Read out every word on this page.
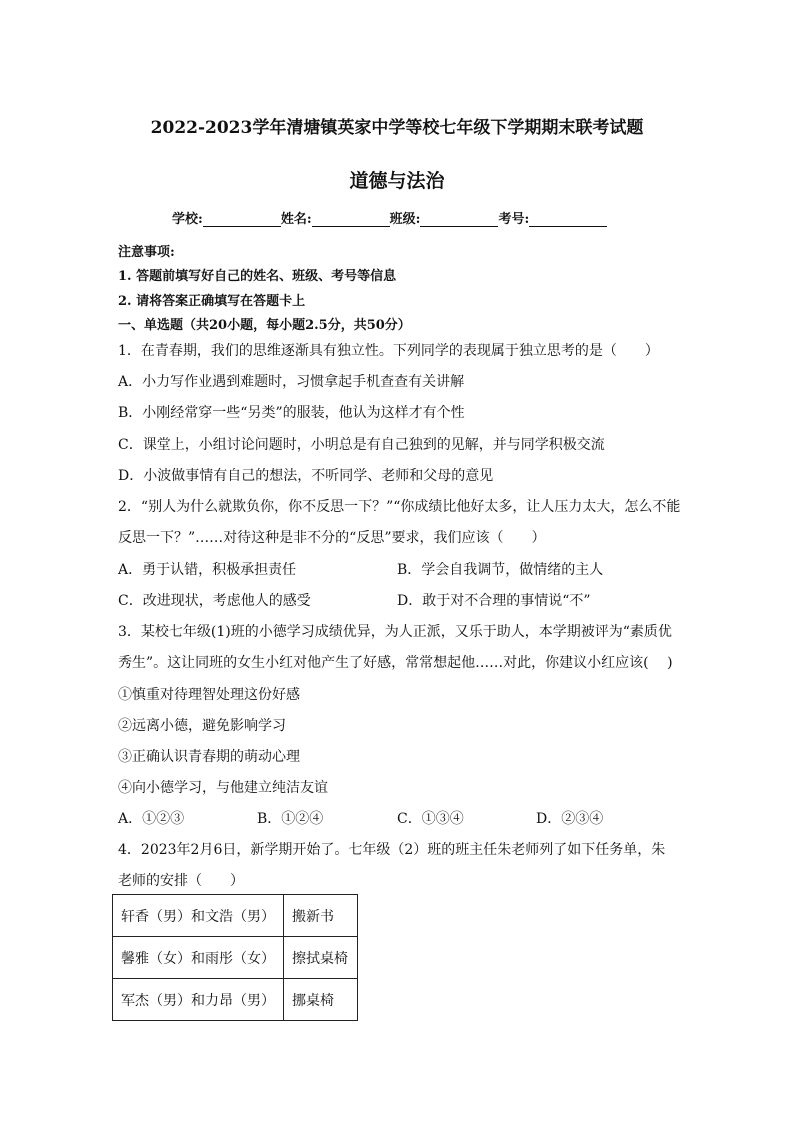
2022-2023学年清塘镇英家中学等校七年级下学期期末联考试题
道德与法治
学校:	姓名:	班级:	考号:
注意事项:
1. 答题前填写好自己的姓名、班级、考号等信息
2. 请将答案正确填写在答题卡上
一、单选题（共20小题，每小题2.5分，共50分）
1．在青春期，我们的思维逐渐具有独立性。下列同学的表现属于独立思考的是（　　）
A．小力写作业遇到难题时，习惯拿起手机查查有关讲解
B．小刚经常穿一些“另类”的服装，他认为这样才有个性
C．课堂上，小组讨论问题时，小明总是有自己独到的见解，并与同学积极交流
D．小波做事情有自己的想法，不听同学、老师和父母的意见
2．“别人为什么就欺负你，你不反思一下？”“你成绩比他好太多，让人压力太大，怎么不能
反思一下？”……对待这种是非不分的“反思”要求，我们应该（　　）
A．勇于认错，积极承担责任	B．学会自我调节，做情绪的主人
C．改进现状，考虑他人的感受	D．敢于对不合理的事情说“不”
3．某校七年级(1)班的小德学习成绩优异，为人正派，又乐于助人，本学期被评为“素质优
秀生”。这让同班的女生小红对他产生了好感，常常想起他……对此，你建议小红应该(　 )
①慎重对待理智处理这份好感
②远离小德，避免影响学习
③正确认识青春期的萌动心理
④向小德学习，与他建立纯洁友谊
A．①②③	B．①②④	C．①③④	D．②③④
4．2023年2月6日，新学期开始了。七年级（2）班的班主任朱老师列了如下任务单，朱
老师的安排（　　）
轩香（男）和文浩（男）	搬新书
馨雅（女）和雨彤（女）	擦拭桌椅
军杰（男）和力昂（男）	挪桌椅
